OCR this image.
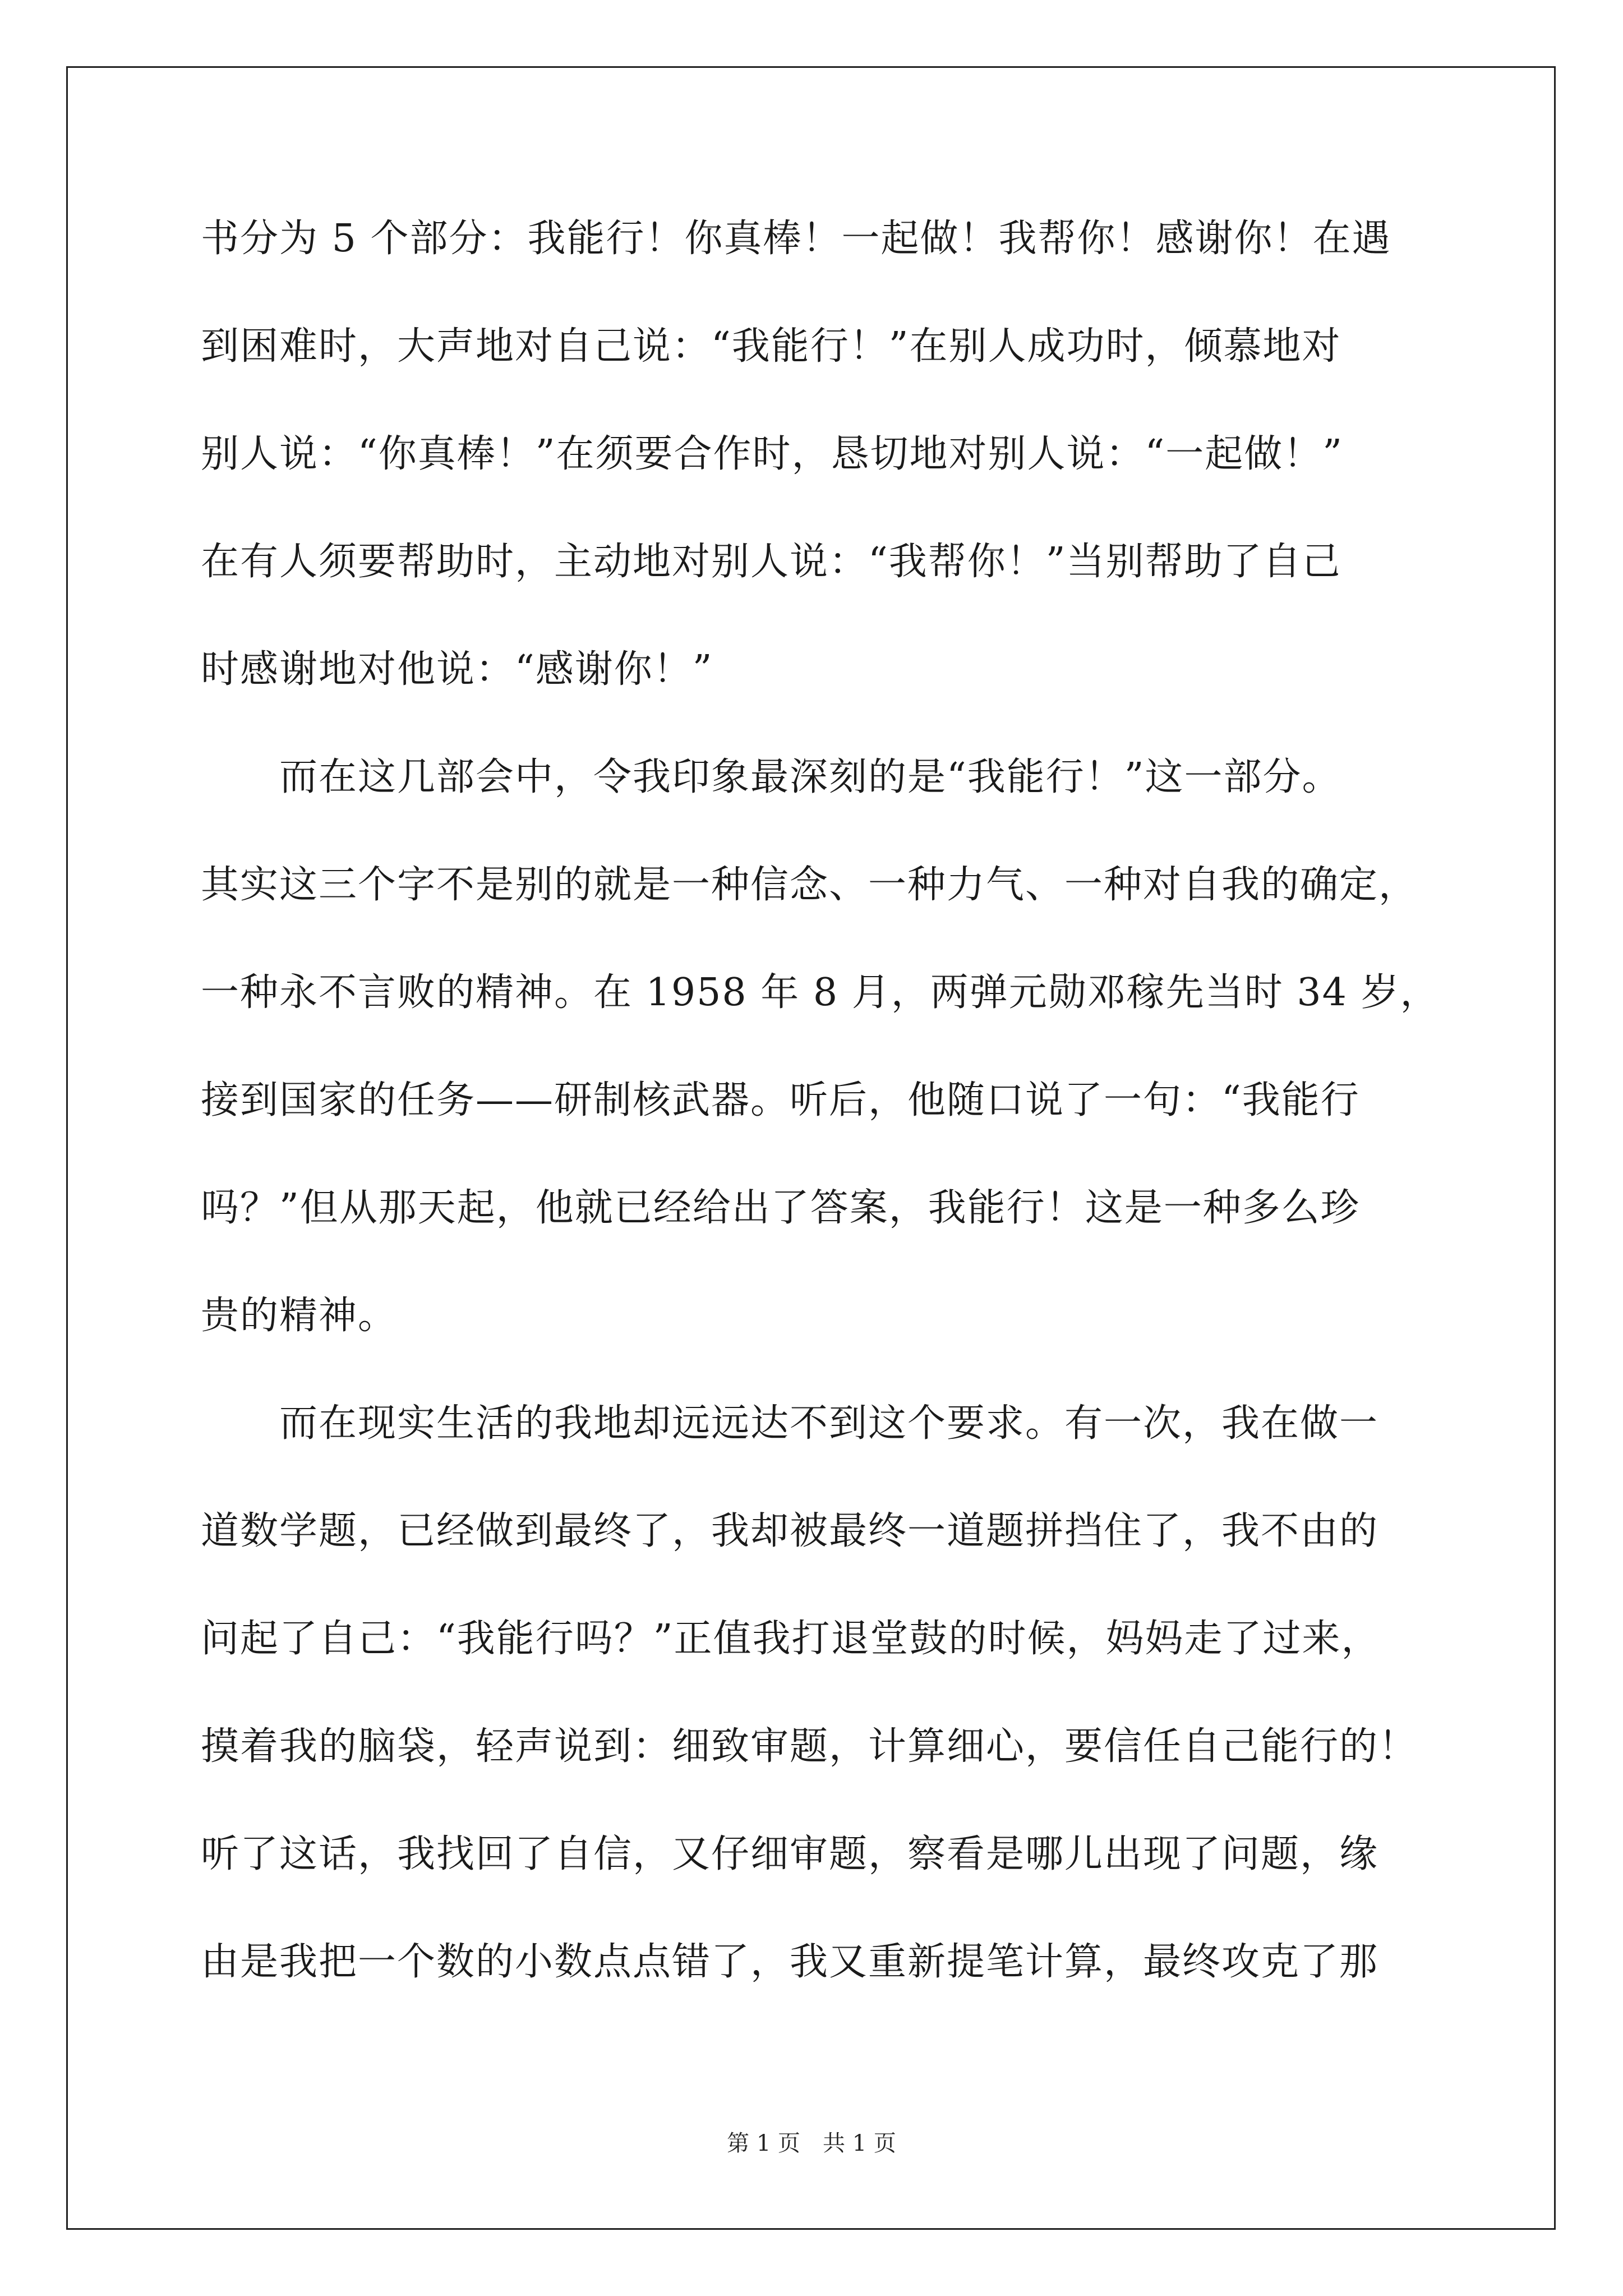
书分为 5 个部分：我能行！你真棒！一起做！我帮你！感谢你！在遇
到困难时，大声地对自己说：“我能行！”在别人成功时，倾慕地对
别人说：“你真棒！”在须要合作时，恳切地对别人说：“一起做！”
在有人须要帮助时，主动地对别人说：“我帮你！”当别帮助了自己
时感谢地对他说：“感谢你！”
而在这几部会中，令我印象最深刻的是“我能行！”这一部分。
其实这三个字不是别的就是一种信念、一种力气、一种对自我的确定，
一种永不言败的精神。在 1958 年 8 月，两弹元勋邓稼先当时 34 岁，
接到国家的任务——研制核武器。听后，他随口说了一句：“我能行
吗？”但从那天起，他就已经给出了答案，我能行！这是一种多么珍
贵的精神。
而在现实生活的我地却远远达不到这个要求。有一次，我在做一
道数学题，已经做到最终了，我却被最终一道题拼挡住了，我不由的
问起了自己：“我能行吗？”正值我打退堂鼓的时候，妈妈走了过来，
摸着我的脑袋，轻声说到：细致审题，计算细心，要信任自己能行的！
听了这话，我找回了自信，又仔细审题，察看是哪儿出现了问题，缘
由是我把一个数的小数点点错了，我又重新提笔计算，最终攻克了那
第 1 页　共 1 页
